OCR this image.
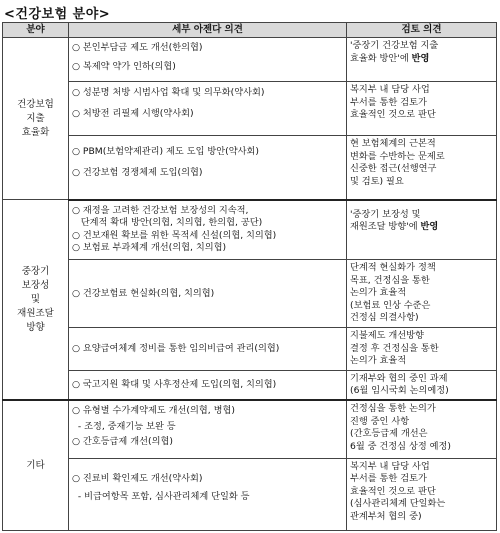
<건강보험 분야>
분야	세부 아젠다 의견	검토 의견

건강보험
지출
효율화	○ 본인부담금 제도 개선(한의협)
○ 복제약 약가 인하(의협)	'중장기 건강보험 지출
효율화 방안'에 반영

	○ 성분명 처방 시범사업 확대 및 의무화(약사회)
○ 처방전 리필제 시행(약사회)	복지부 내 담당 사업
부서를 통한 검토가
효율적인 것으로 판단

	○ PBM(보험약제관리) 제도 도입 방안(약사회)
○ 건강보험 경쟁체제 도입(의협)	현 보험체계의 근본적
변화를 수반하는 문제로
신중한 접근(선행연구
및 검토) 필요

중장기
보장성
및
재원조달
방향	○ 재정을 고려한 건강보험 보장성의 지속적,
단계적 확대 방안(의협, 치의협, 한의협, 공단)
○ 건보재원 확보를 위한 목적세 신설(의협, 치의협)
○ 보험료 부과체계 개선(의협, 치의협)	'중장기 보장성 및
재원조달 방향'에 반영

	○ 건강보험료 현실화(의협, 치의협)	단계적 현실화가 정책
목표, 건정심을 통한
논의가 효율적
(보험료 인상 수준은
건정심 의결사항)

	○ 요양급여체계 정비를 통한 임의비급여 관리(의협)	지불제도 개선방향
결정 후 건정심을 통한
논의가 효율적

	○ 국고지원 확대 및 사후정산제 도입(의협, 치의협)	기재부와 협의 중인 과제
(6월 임시국회 논의예정)

기타	○ 유형별 수가계약제도 개선(의협, 병협)
- 조정, 중재기능 보완 등
○ 간호등급제 개선(의협)	건정심을 통한 논의가
진행 중인 사항
(간호등급제 개선은
6월 중 건정심 상정 예정)

	○ 진료비 확인제도 개선(약사회)
- 비급여항목 포함, 심사관리체계 단일화 등	복지부 내 담당 사업
부서를 통한 검토가
효율적인 것으로 판단
(심사관리체계 단일화는
관계부처 협의 중)
